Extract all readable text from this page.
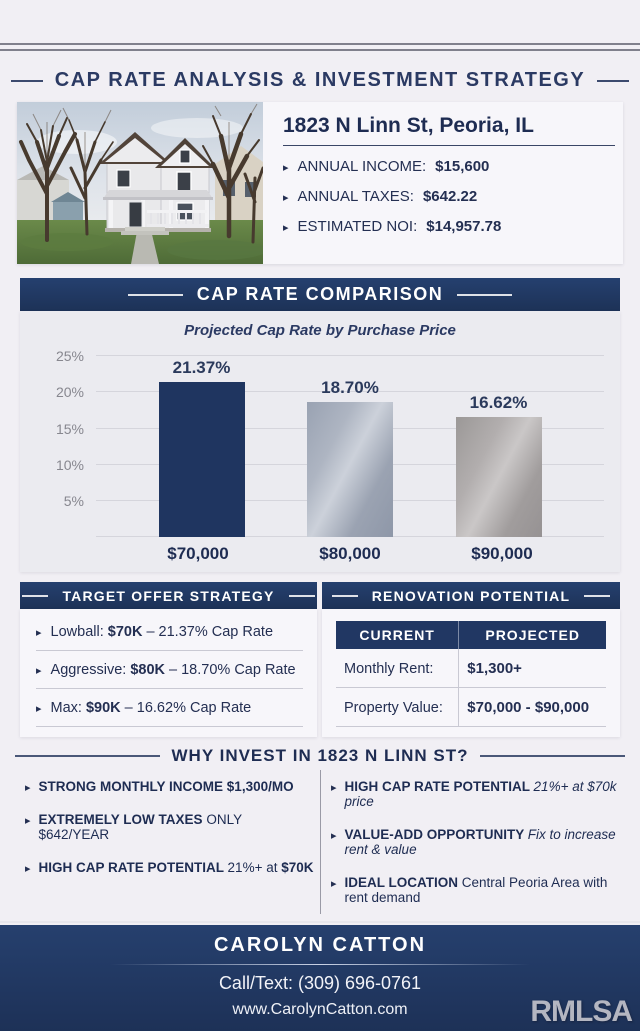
CAP RATE ANALYSIS & INVESTMENT STRATEGY
1823 N Linn St, Peoria, IL
▸ ANNUAL INCOME: $15,600
▸ ANNUAL TAXES: $642.22
▸ ESTIMATED NOI: $14,957.78
CAP RATE COMPARISON
Projected Cap Rate by Purchase Price
5%
10%
15%
20%
25%
21.37%
18.70%
16.62%
$70,000	$80,000	$90,000
TARGET OFFER STRATEGY
▸ Lowball: $70K – 21.37% Cap Rate
▸ Aggressive: $80K – 18.70% Cap Rate
▸ Max: $90K – 16.62% Cap Rate
RENOVATION POTENTIAL
CURRENT	PROJECTED
Monthly Rent:	$1,300+
Property Value:	$70,000 - $90,000
WHY INVEST IN 1823 N LINN ST?
▸ STRONG MONTHLY INCOME $1,300/MO
▸ EXTREMELY LOW TAXES ONLY $642/YEAR
▸ HIGH CAP RATE POTENTIAL 21%+ at $70K
▸ HIGH CAP RATE POTENTIAL 21%+ at $70k price
▸ VALUE-ADD OPPORTUNITY Fix to increase rent & value
▸ IDEAL LOCATION Central Peoria Area with rent demand
CAROLYN CATTON
Call/Text: (309) 696-0761
www.CarolynCatton.com	RMLSA
